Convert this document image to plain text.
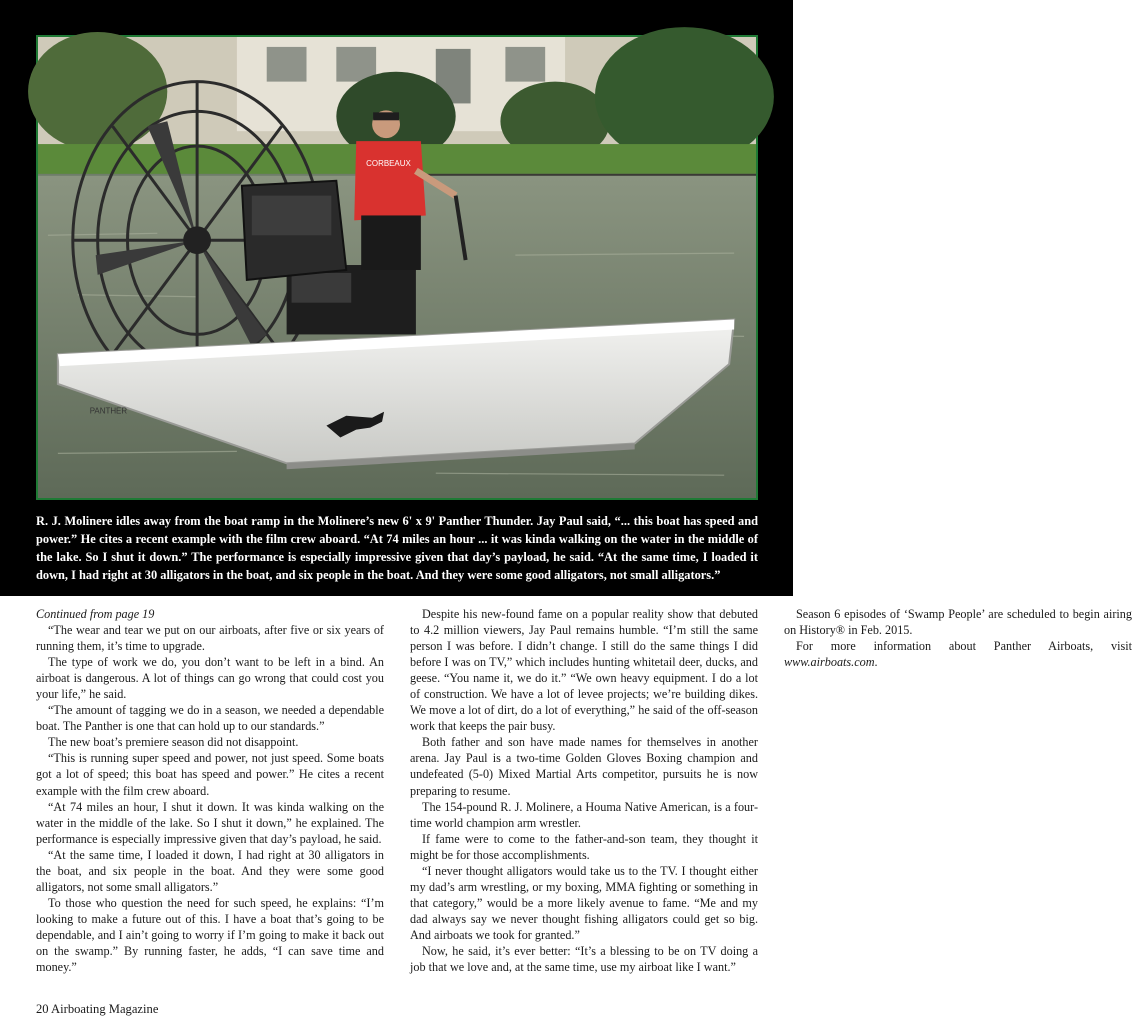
PANTHER
CORBEAUX

R. J. Molinere idles away from the boat ramp in the Molinere’s new 6' x 9' Panther Thunder. Jay Paul said, “... this boat has speed and power.” He cites a recent example with the film crew aboard. “At 74 miles an hour ... it was kinda walking on the water in the middle of the lake. So I shut it down.” The performance is especially impressive given that day’s payload, he said. “At the same time, I loaded it down, I had right at 30 alligators in the boat, and six people in the boat. And they were some good alligators, not small alligators.”

Continued from page 19

“The wear and tear we put on our airboats, after five or six years of running them, it’s time to upgrade.

The type of work we do, you don’t want to be left in a bind. An airboat is dangerous. A lot of things can go wrong that could cost you your life,” he said.

“The amount of tagging we do in a season, we needed a dependable boat. The Panther is one that can hold up to our standards.”

The new boat’s premiere season did not disappoint.

“This is running super speed and power, not just speed. Some boats got a lot of speed; this boat has speed and power.” He cites a recent example with the film crew aboard.

“At 74 miles an hour, I shut it down. It was kinda walking on the water in the middle of the lake. So I shut it down,” he explained. The performance is especially impressive given that day’s payload, he said.

“At the same time, I loaded it down, I had right at 30 alligators in the boat, and six people in the boat. And they were some good alligators, not some small alligators.”

To those who question the need for such speed, he explains: “I’m looking to make a future out of this. I have a boat that’s going to be dependable, and I ain’t going to worry if I’m going to make it back out on the swamp.” By running faster, he adds, “I can save time and money.”

Despite his new-found fame on a popular reality show that debuted to 4.2 million viewers, Jay Paul remains humble. “I’m still the same person I was before. I didn’t change. I still do the same things I did before I was on TV,” which includes hunting whitetail deer, ducks, and geese. “You name it, we do it.” “We own heavy equipment. I do a lot of construction. We have a lot of levee projects; we’re building dikes. We move a lot of dirt, do a lot of everything,” he said of the off-season work that keeps the pair busy.

Both father and son have made names for themselves in another arena. Jay Paul is a two-time Golden Gloves Boxing champion and undefeated (5-0) Mixed Martial Arts competitor, pursuits he is now preparing to resume.

The 154-pound R. J. Molinere, a Houma Native American, is a four-time world champion arm wrestler.

If fame were to come to the father-and-son team, they thought it might be for those accomplishments.

“I never thought alligators would take us to the TV. I thought either my dad’s arm wrestling, or my boxing, MMA fighting or something in that category,” would be a more likely avenue to fame. “Me and my dad always say we never thought fishing alligators could get so big. And airboats we took for granted.”

Now, he said, it’s ever better: “It’s a blessing to be on TV doing a job that we love and, at the same time, use my airboat like I want.”

Season 6 episodes of ‘Swamp People’ are scheduled to begin airing on History® in Feb. 2015.

For more information about Panther Airboats, visit www.airboats.com.

20 Airboating Magazine
